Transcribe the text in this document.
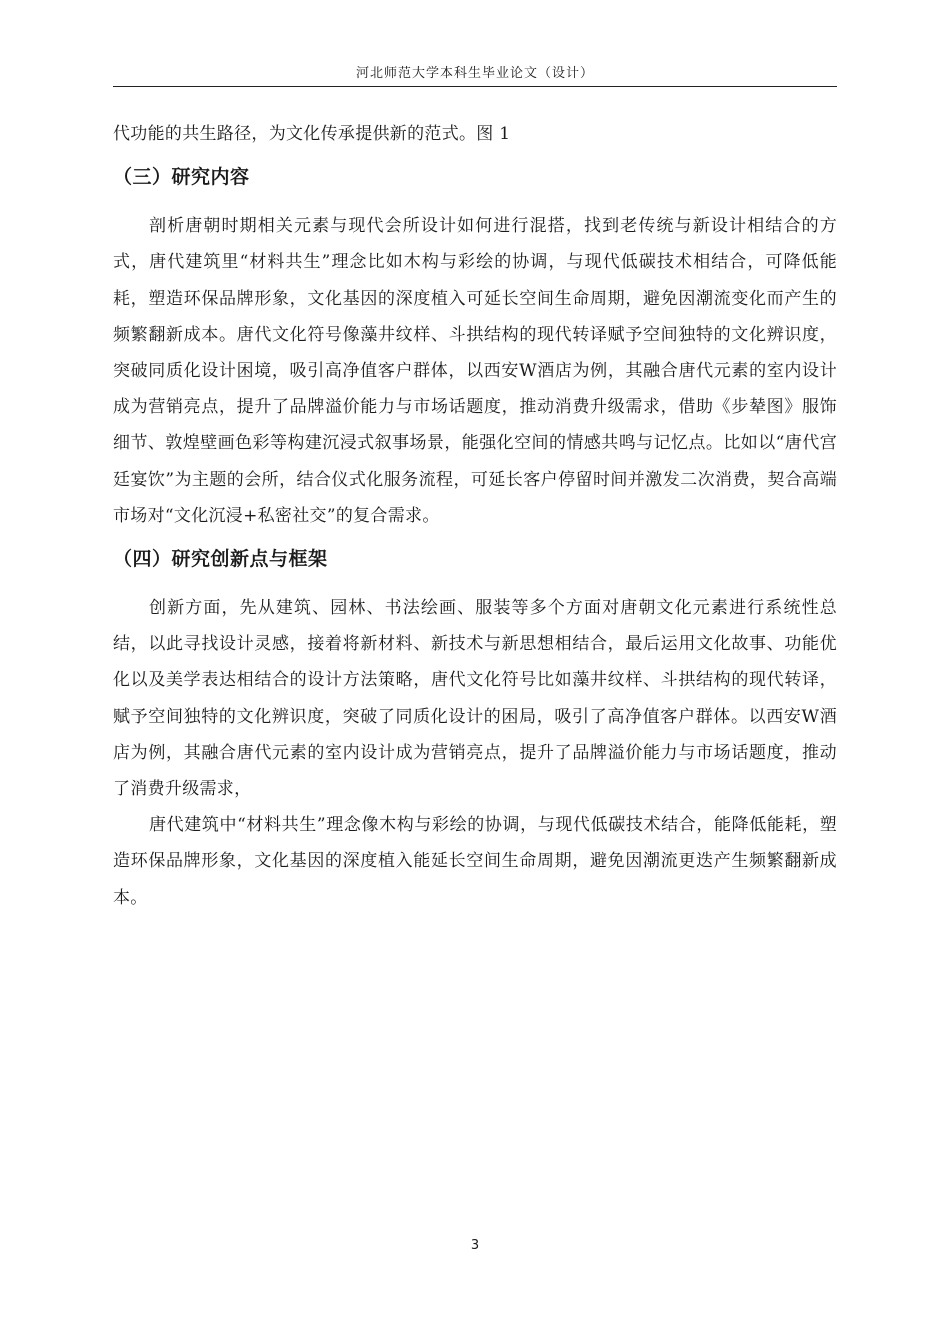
河北师范大学本科生毕业论文（设计）

代功能的共生路径，为文化传承提供新的范式。图 1

（三）研究内容

剖析唐朝时期相关元素与现代会所设计如何进行混搭，找到老传统与新设计相结合的方式，唐代建筑里“材料共生”理念比如木构与彩绘的协调，与现代低碳技术相结合，可降低能耗，塑造环保品牌形象，文化基因的深度植入可延长空间生命周期，避免因潮流变化而产生的频繁翻新成本。唐代文化符号像藻井纹样、斗拱结构的现代转译赋予空间独特的文化辨识度，突破同质化设计困境，吸引高净值客户群体，以西安W酒店为例，其融合唐代元素的室内设计成为营销亮点，提升了品牌溢价能力与市场话题度，推动消费升级需求，借助《步辇图》服饰细节、敦煌壁画色彩等构建沉浸式叙事场景，能强化空间的情感共鸣与记忆点。比如以“唐代宫廷宴饮”为主题的会所，结合仪式化服务流程，可延长客户停留时间并激发二次消费，契合高端市场对“文化沉浸+私密社交”的复合需求。

（四）研究创新点与框架

创新方面，先从建筑、园林、书法绘画、服装等多个方面对唐朝文化元素进行系统性总结，以此寻找设计灵感，接着将新材料、新技术与新思想相结合，最后运用文化故事、功能优化以及美学表达相结合的设计方法策略，唐代文化符号比如藻井纹样、斗拱结构的现代转译，赋予空间独特的文化辨识度，突破了同质化设计的困局，吸引了高净值客户群体。以西安W酒店为例，其融合唐代元素的室内设计成为营销亮点，提升了品牌溢价能力与市场话题度，推动了消费升级需求，

唐代建筑中“材料共生”理念像木构与彩绘的协调，与现代低碳技术结合，能降低能耗，塑造环保品牌形象，文化基因的深度植入能延长空间生命周期，避免因潮流更迭产生频繁翻新成本。

3
